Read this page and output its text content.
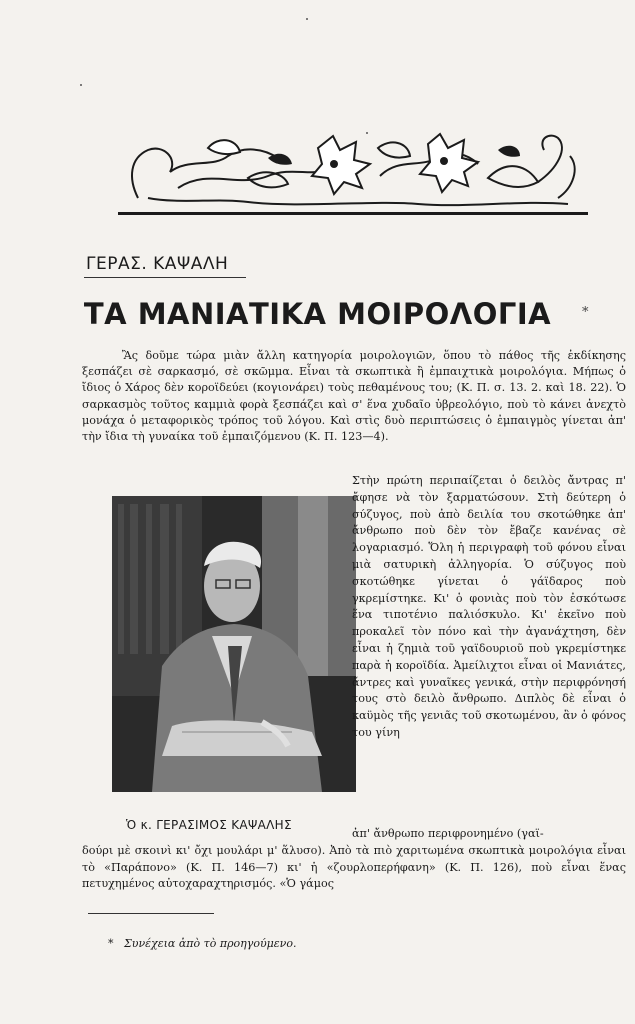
ΓΕΡΑΣ. ΚΑΨΑΛΗ
ΤΑ ΜΑΝΙΑΤΙΚΑ ΜΟΙΡΟΛΟΓΙΑ	*

Ἂς δοῦμε τώρα μιὰν ἄλλη κατηγορία μοιρολογιῶν, ὅπου τὸ πάθος τῆς ἐκδίκησης ξεσπάζει σὲ σαρκασμό, σὲ σκῶμμα. Εἶναι τὰ σκωπτικὰ ἢ ἐμπαιχτικὰ μοιρολόγια. Μήπως ὁ ἴδιος ὁ Χάρος δὲν κοροϊδεύει (κογιονάρει) τοὺς πεθαμένους του; (Κ. Π. σ. 13. 2. καὶ 18. 22). Ὁ σαρκασμὸς τοῦτος καμμιὰ φορὰ ξεσπάζει καὶ σ' ἕνα χυδαῖο ὑβρεολόγιο, ποὺ τὸ κάνει ἀνεχτὸ μονάχα ὁ μεταφορικὸς τρόπος τοῦ λόγου. Καὶ στὶς δυὸ περιπτώσεις ὁ ἐμπαιγμὸς γίνεται ἀπ' τὴν ἴδια τὴ γυναίκα τοῦ ἐμπαιζόμενου (Κ. Π. 123—4).

Στὴν πρώτη περιπαίζεται ὁ δειλὸς ἄντρας π' ἄφησε νὰ τὸν ξαρματώσουν. Στὴ δεύτερη ὁ σύζυγος, ποὺ ἀπὸ δειλία του σκοτώθηκε ἀπ' ἄνθρωπο ποὺ δὲν τὸν ἔβαζε κανένας σὲ λογαριασμό. Ὅλη ἡ περιγραφὴ τοῦ φόνου εἶναι μιὰ σατυρικὴ ἀλληγορία. Ὁ σύζυγος ποὺ σκοτώθηκε γίνεται ὁ γάϊδαρος ποὺ γκρεμίστηκε. Κι' ὁ φονιὰς ποὺ τὸν ἐσκότωσε ἕνα τιποτένιο παλιόσκυλο. Κι' ἐκεῖνο ποὺ προκαλεῖ τὸν πόνο καὶ τὴν ἀγανάχτηση, δὲν εἶναι ἡ ζημιὰ τοῦ γαϊδουριοῦ ποὺ γκρεμίστηκε παρὰ ἡ κοροϊδία. Ἀμείλιχτοι εἶναι οἱ Μανιάτες, ἄντρες καὶ γυναῖκες γενικά, στὴν περιφρόνησή τους στὸ δειλὸ ἄνθρωπο. Διπλὸς δὲ εἶναι ὁ καϋμὸς τῆς γενιᾶς τοῦ σκοτωμένου, ἂν ὁ φόνος του γίνη
Ὁ κ. ΓΕΡΑΣΙΜΟΣ ΚΑΨΑΛΗΣ
ἀπ' ἄνθρωπο περιφρονημένο (γαϊ-
δούρι μὲ σκοινὶ κι' ὄχι μουλάρι μ' ἅλυσο). Ἀπὸ τὰ πιὸ χαριτωμένα σκωπτικὰ μοιρολόγια εἶναι τὸ «Παράπονο» (Κ. Π. 146—7) κι' ἡ «ζουρλοπερήφανη» (Κ. Π. 126), ποὺ εἶναι ἕνας πετυχημένος αὐτοχαραχτηρισμός. «Ὁ γάμος
* Συνέχεια ἀπὸ τὸ προηγούμενο.
